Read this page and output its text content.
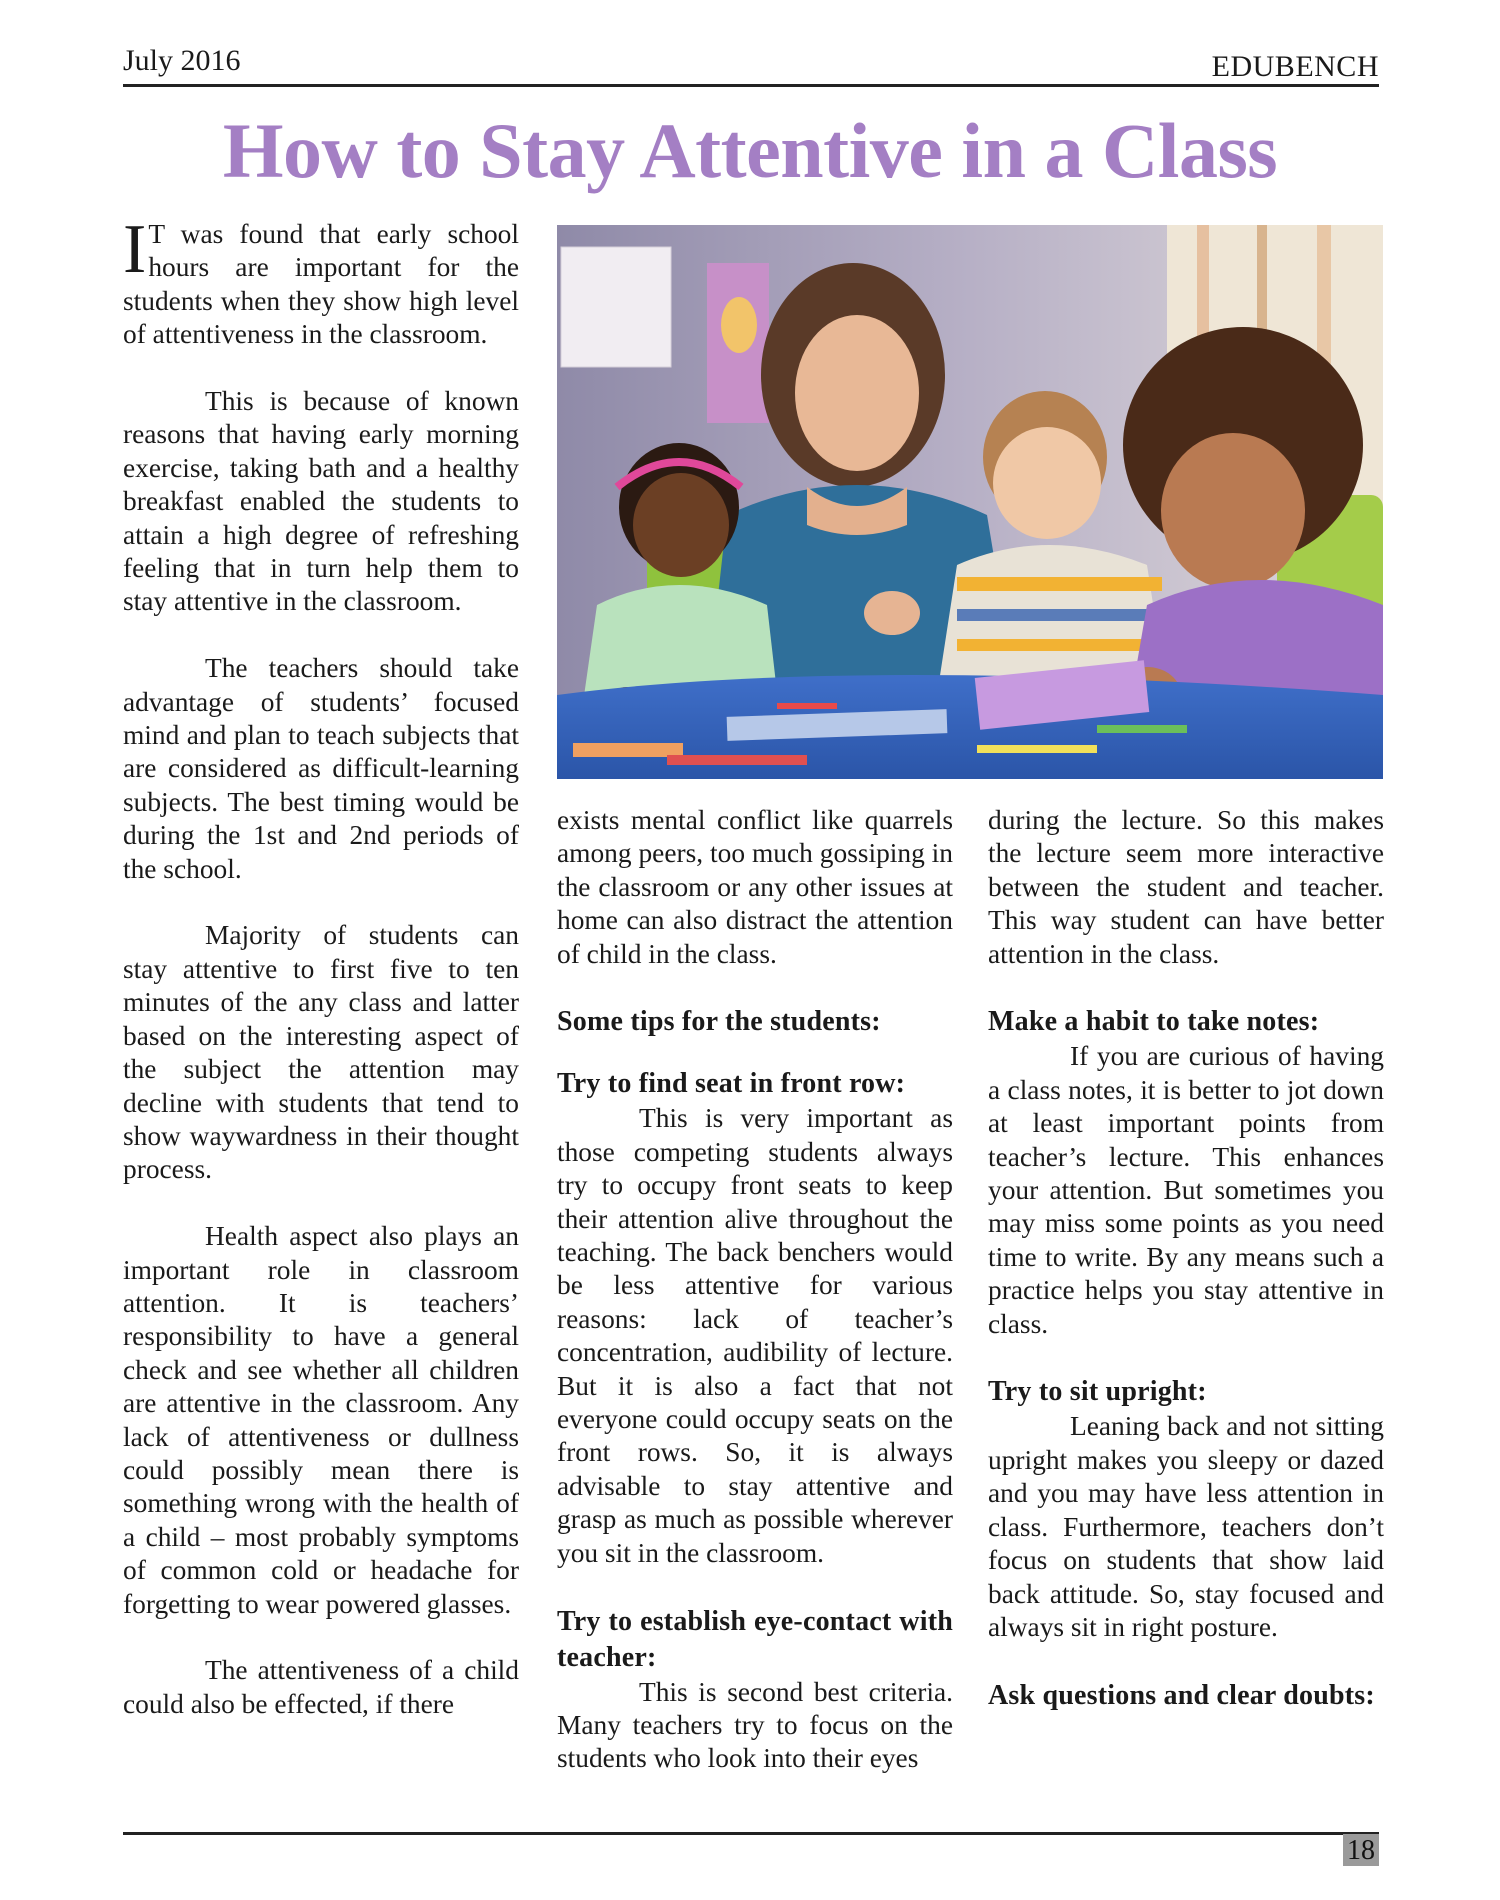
July 2016	EDUBENCH
How to Stay Attentive in a Class

I T was found that early school hours are important for the students when they show high level of attentiveness in the classroom.

This is because of known reasons that having early morning exercise, taking bath and a healthy breakfast enabled the students to attain a high degree of refreshing feeling that in turn help them to stay attentive in the classroom.

The teachers should take advantage of students’ focused mind and plan to teach subjects that are considered as difficult-learning subjects. The best timing would be during the 1st and 2nd periods of the school.

Majority of students can stay attentive to first five to ten minutes of the any class and latter based on the interesting aspect of the subject the attention may decline with students that tend to show waywardness in their thought process.

Health aspect also plays an important role in classroom attention. It is teachers’ responsibility to have a general check and see whether all children are attentive in the classroom. Any lack of attentiveness or dullness could possibly mean there is something wrong with the health of a child – most probably symptoms of common cold or headache for forgetting to wear powered glasses.

The attentiveness of a child could also be effected, if there

exists mental conflict like quarrels among peers, too much gossiping in the classroom or any other issues at home can also distract the attention of child in the class.

Some tips for the students:
Try to find seat in front row:

This is very important as those competing students always try to occupy front seats to keep their attention alive throughout the teaching. The back benchers would be less attentive for various reasons: lack of teacher’s concentration, audibility of lecture. But it is also a fact that not everyone could occupy seats on the front rows. So, it is always advisable to stay attentive and grasp as much as possible wherever you sit in the classroom.

Try to establish eye-contact with teacher:

This is second best criteria. Many teachers try to focus on the students who look into their eyes

during the lecture. So this makes the lecture seem more interactive between the student and teacher. This way student can have better attention in the class.

Make a habit to take notes:

If you are curious of having a class notes, it is better to jot down at least important points from teacher’s lecture. This enhances your attention. But sometimes you may miss some points as you need time to write. By any means such a practice helps you stay attentive in class.

Try to sit upright:

Leaning back and not sitting upright makes you sleepy or dazed and you may have less attention in class. Furthermore, teachers don’t focus on students that show laid back attitude. So, stay focused and always sit in right posture.

Ask questions and clear doubts:
18
